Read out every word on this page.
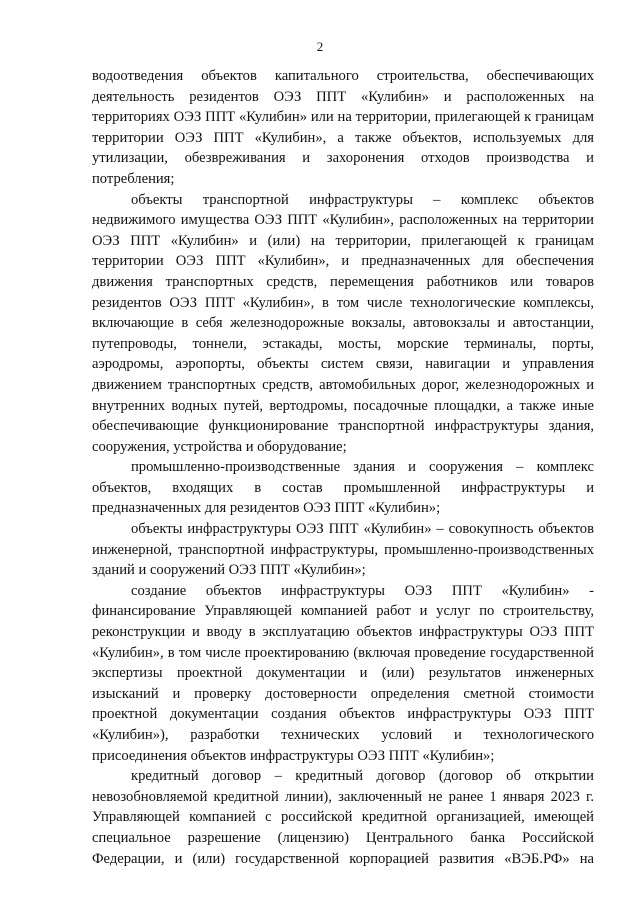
2

водоотведения объектов капитального строительства, обеспечивающих деятельность резидентов ОЭЗ ППТ «Кулибин» и расположенных на территориях ОЭЗ ППТ «Кулибин» или на территории, прилегающей к границам территории ОЭЗ ППТ «Кулибин», а также объектов, используемых для утилизации, обезвреживания и захоронения отходов производства и потребления;

объекты транспортной инфраструктуры – комплекс объектов недвижимого имущества ОЭЗ ППТ «Кулибин», расположенных на территории ОЭЗ ППТ «Кулибин» и (или) на территории, прилегающей к границам территории ОЭЗ ППТ «Кулибин», и предназначенных для обеспечения движения транспортных средств, перемещения работников или товаров резидентов ОЭЗ ППТ «Кулибин», в том числе технологические комплексы, включающие в себя железнодорожные вокзалы, автовокзалы и автостанции, путепроводы, тоннели, эстакады, мосты, морские терминалы, порты, аэродромы, аэропорты, объекты систем связи, навигации и управления движением транспортных средств, автомобильных дорог, железнодорожных и внутренних водных путей, вертодромы, посадочные площадки, а также иные обеспечивающие функционирование транспортной инфраструктуры здания, сооружения, устройства и оборудование;

промышленно-производственные здания и сооружения – комплекс объектов, входящих в состав промышленной инфраструктуры и предназначенных для резидентов ОЭЗ ППТ «Кулибин»;

объекты инфраструктуры ОЭЗ ППТ «Кулибин» – совокупность объектов инженерной, транспортной инфраструктуры, промышленно-производственных зданий и сооружений ОЭЗ ППТ «Кулибин»;

создание объектов инфраструктуры ОЭЗ ППТ «Кулибин» - финансирование Управляющей компанией работ и услуг по строительству, реконструкции и вводу в эксплуатацию объектов инфраструктуры ОЭЗ ППТ «Кулибин», в том числе проектированию (включая проведение государственной экспертизы проектной документации и (или) результатов инженерных изысканий и проверку достоверности определения сметной стоимости проектной документации создания объектов инфраструктуры ОЭЗ ППТ «Кулибин»), разработки технических условий и технологического присоединения объектов инфраструктуры ОЭЗ ППТ «Кулибин»;

кредитный договор – кредитный договор (договор об открытии невозобновляемой кредитной линии), заключенный не ранее 1 января 2023 г. Управляющей компанией с российской кредитной организацией, имеющей специальное разрешение (лицензию) Центрального банка Российской Федерации, и (или) государственной корпорацией развития «ВЭБ.РФ» на
